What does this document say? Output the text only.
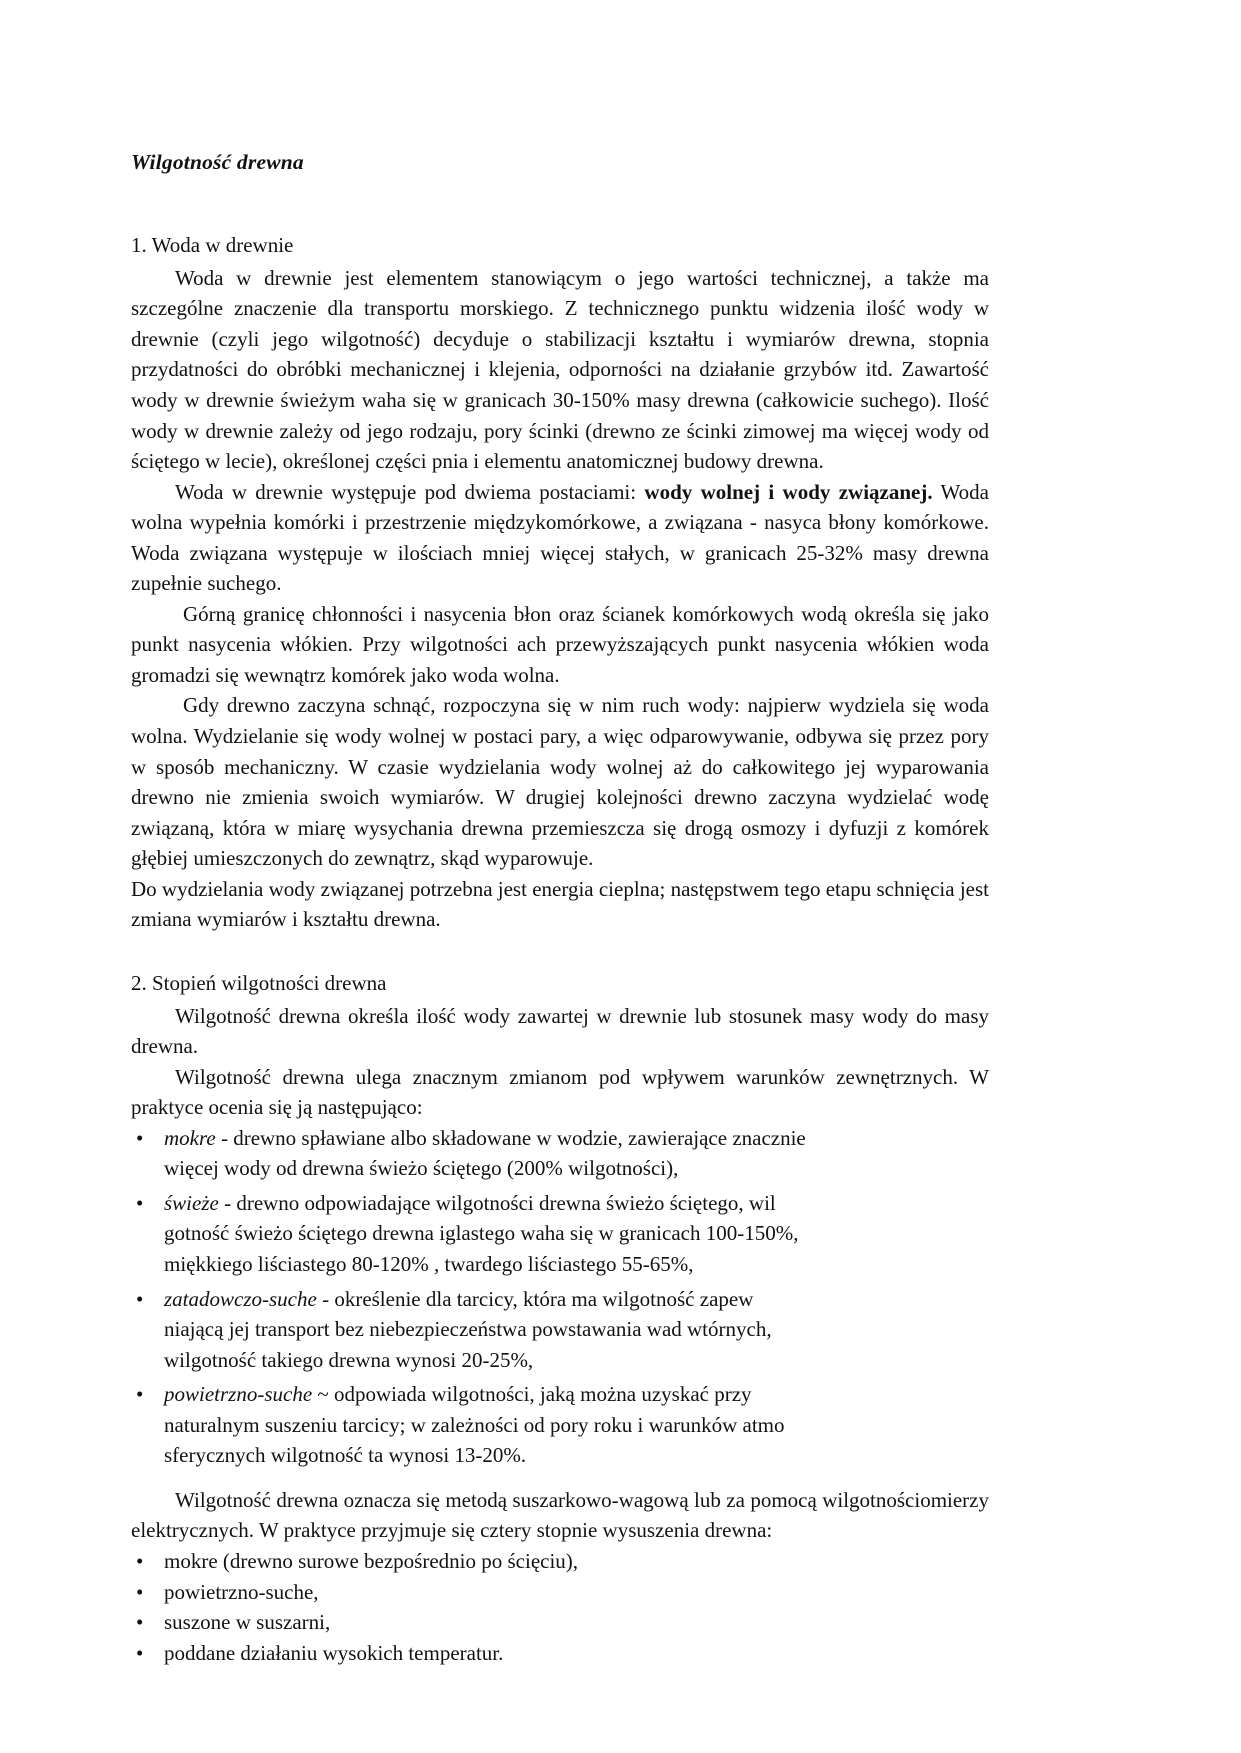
Wilgotność drewna

1. Woda w drewnie

Woda w drewnie jest elementem stanowiącym o jego wartości technicznej, a także ma szczególne znaczenie dla transportu morskiego. Z technicznego punktu widzenia ilość wody w drewnie (czyli jego wilgotność) decyduje o stabilizacji kształtu i wymiarów drewna, stopnia przydatności do obróbki mechanicznej i klejenia, odporności na działanie grzybów itd. Zawartość wody w drewnie świeżym waha się w granicach 30-150% masy drewna (całkowicie suchego). Ilość wody w drewnie zależy od jego rodzaju, pory ścinki (drewno ze ścinki zimowej ma więcej wody od ściętego w lecie), określonej części pnia i elementu anatomicznej budowy drewna.

Woda w drewnie występuje pod dwiema postaciami: wody wolnej i wody związanej. Woda wolna wypełnia komórki i przestrzenie międzykomórkowe, a związana - nasyca błony komórkowe. Woda związana występuje w ilościach mniej więcej stałych, w granicach 25-32% masy drewna zupełnie suchego.

Górną granicę chłonności i nasycenia błon oraz ścianek komórkowych wodą określa się jako punkt nasycenia włókien. Przy wilgotności ach przewyższających punkt nasycenia włókien woda gromadzi się wewnątrz komórek jako woda wolna.

Gdy drewno zaczyna schnąć, rozpoczyna się w nim ruch wody: najpierw wydziela się woda wolna. Wydzielanie się wody wolnej w postaci pary, a więc odparowywanie, odbywa się przez pory w sposób mechaniczny. W czasie wydzielania wody wolnej aż do całkowitego jej wyparowania drewno nie zmienia swoich wymiarów. W drugiej kolejności drewno zaczyna wydzielać wodę związaną, która w miarę wysychania drewna przemieszcza się drogą osmozy i dyfuzji z komórek głębiej umieszczonych do zewnątrz, skąd wyparowuje.

Do wydzielania wody związanej potrzebna jest energia cieplna; następstwem tego etapu schnięcia jest zmiana wymiarów i kształtu drewna.

2. Stopień wilgotności drewna

Wilgotność drewna określa ilość wody zawartej w drewnie lub stosunek masy wody do masy drewna.

Wilgotność drewna ulega znacznym zmianom pod wpływem warunków zewnętrznych. W praktyce ocenia się ją następująco:

• mokre - drewno spławiane albo składowane w wodzie, zawierające znacznie
więcej wody od drewna świeżo ściętego (200% wilgotności),
• świeże - drewno odpowiadające wilgotności drewna świeżo ściętego, wil
gotność świeżo ściętego drewna iglastego waha się w granicach 100-150%,
miękkiego liściastego 80-120% , twardego liściastego 55-65%,
• zatadowczo-suche - określenie dla tarcicy, która ma wilgotność zapew
niającą jej transport bez niebezpieczeństwa powstawania wad wtórnych,
wilgotność takiego drewna wynosi 20-25%,
• powietrzno-suche ~ odpowiada wilgotności, jaką można uzyskać przy
naturalnym suszeniu tarcicy; w zależności od pory roku i warunków atmo
sferycznych wilgotność ta wynosi 13-20%.

Wilgotność drewna oznacza się metodą suszarkowo-wagową lub za pomocą wilgotnościomierzy elektrycznych. W praktyce przyjmuje się cztery stopnie wysuszenia drewna:

• mokre (drewno surowe bezpośrednio po ścięciu),
• powietrzno-suche,
• suszone w suszarni,
• poddane działaniu wysokich temperatur.
